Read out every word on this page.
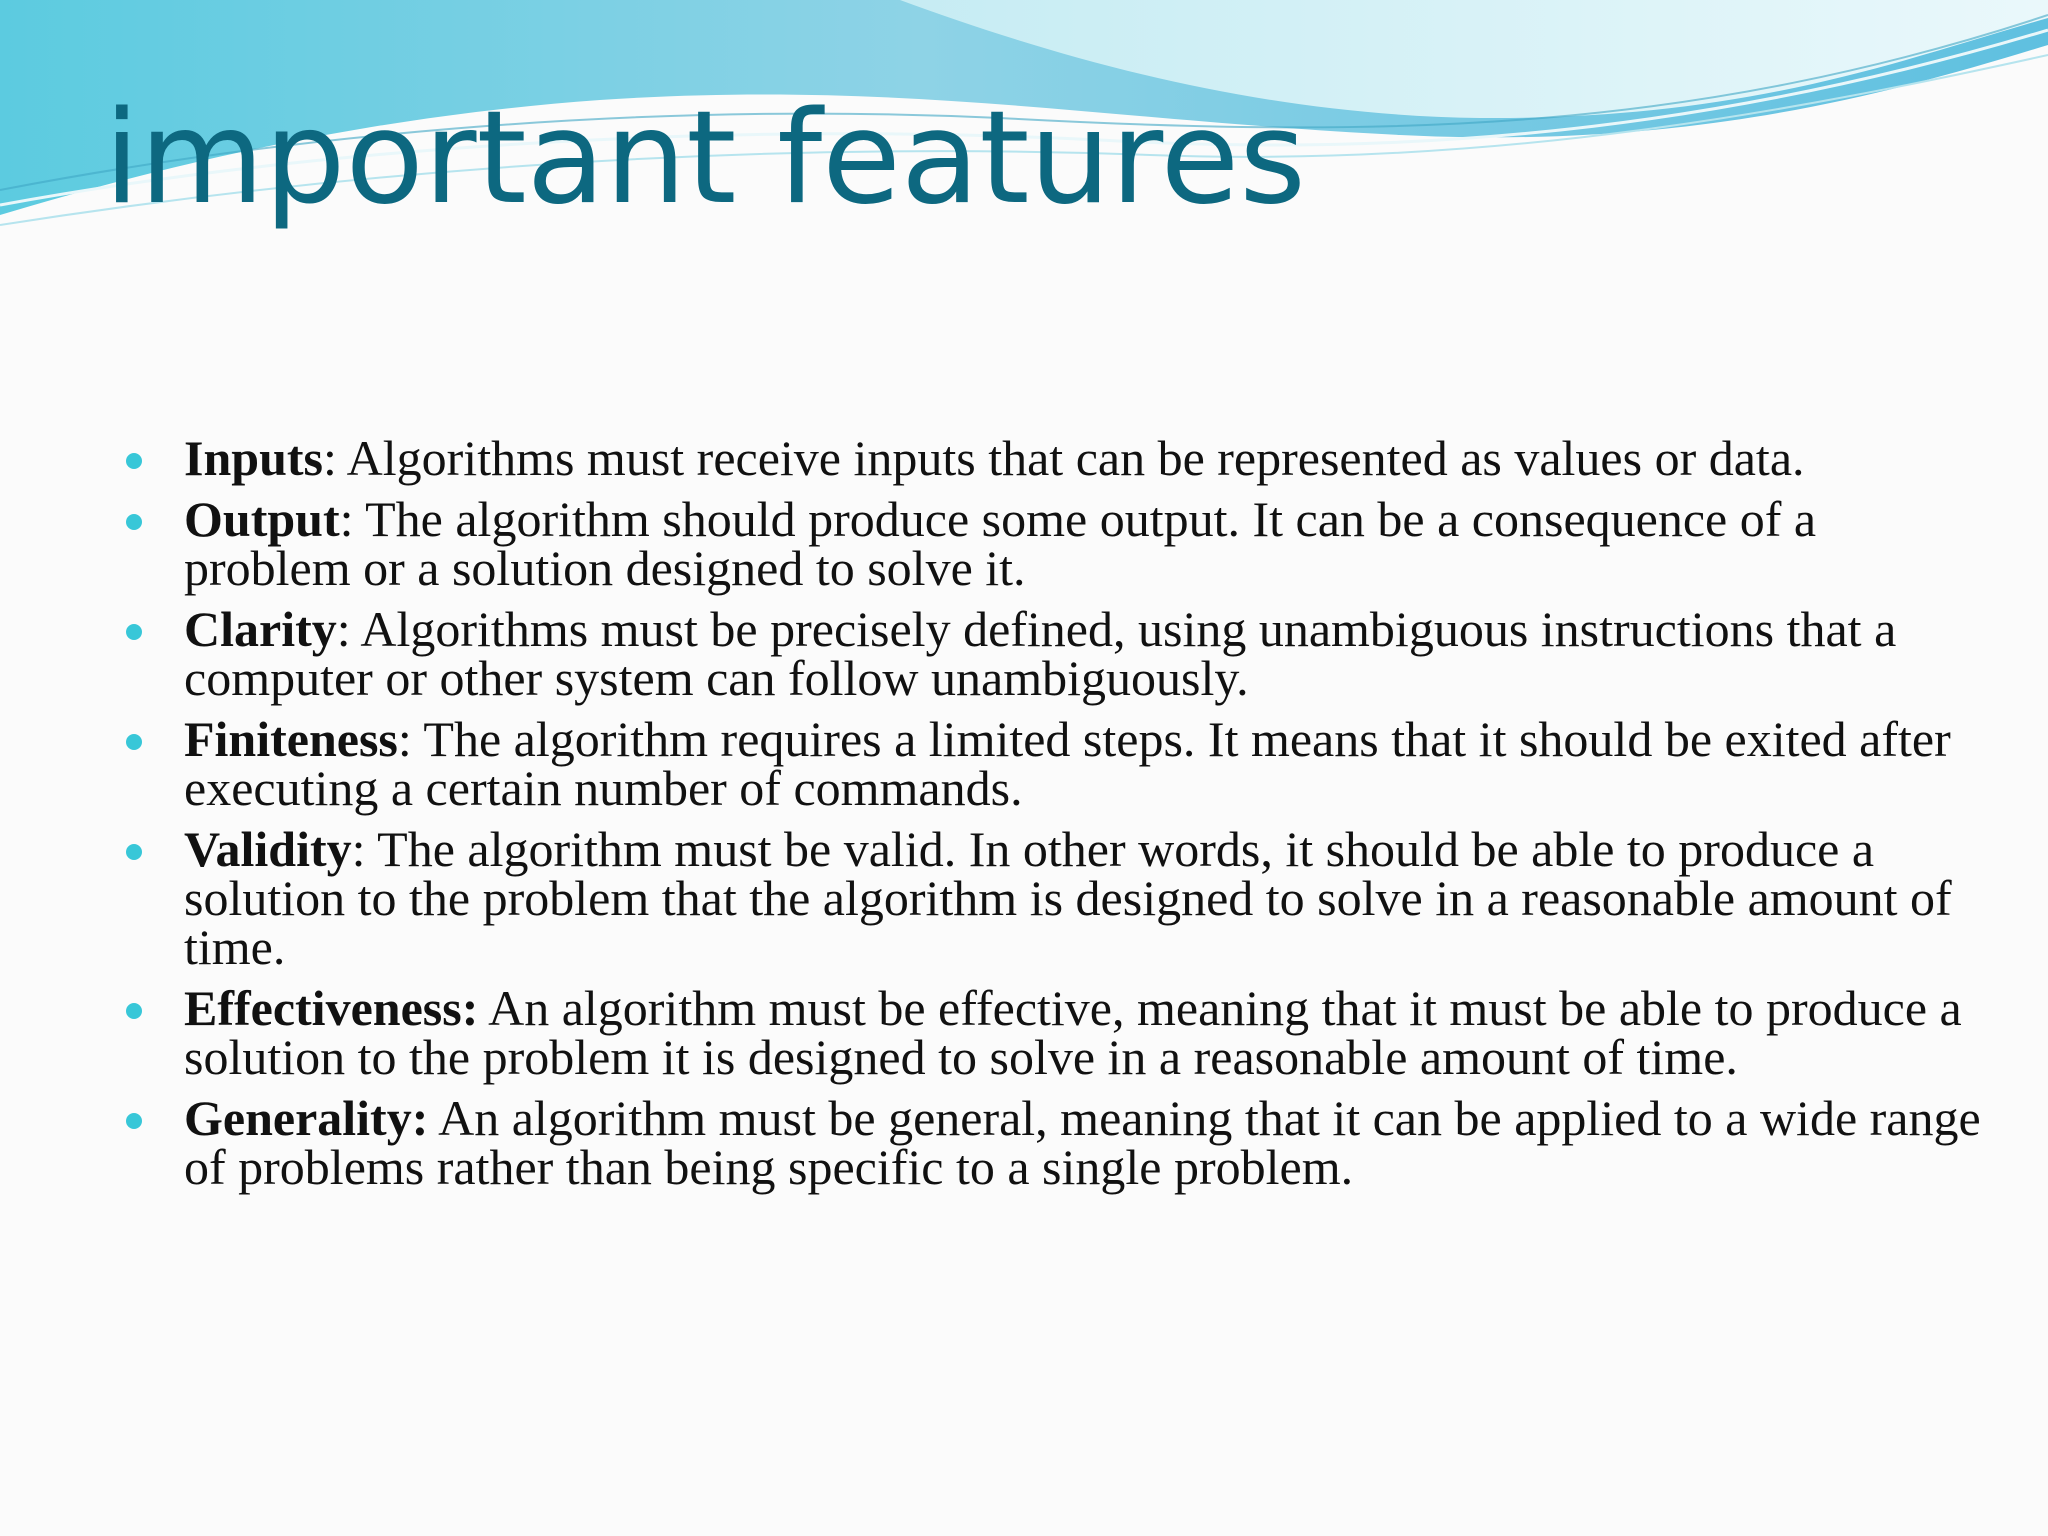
important features
Inputs: Algorithms must receive inputs that can be represented as values or data.
Output: The algorithm should produce some output. It can be a consequence of a problem or a solution designed to solve it.
Clarity: Algorithms must be precisely defined, using unambiguous instructions that a computer or other system can follow unambiguously.
Finiteness: The algorithm requires a limited steps. It means that it should be exited after executing a certain number of commands.
Validity: The algorithm must be valid. In other words, it should be able to produce a solution to the problem that the algorithm is designed to solve in a reasonable amount of time.
Effectiveness: An algorithm must be effective, meaning that it must be able to produce a solution to the problem it is designed to solve in a reasonable amount of time.
Generality: An algorithm must be general, meaning that it can be applied to a wide range of problems rather than being specific to a single problem.
